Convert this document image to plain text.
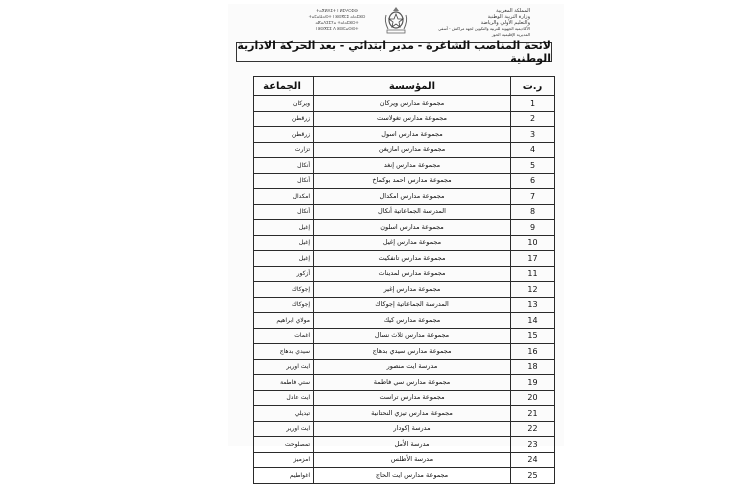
ⵜⴰⴳⵍⴷⵉⵜ ⵏ ⵍⵎⵖⵔⵉⴱ
ⵜⴰⵎⴰⵡⴰⵙⵜ ⵏ ⵓⵙⴳⵎⵉ ⴰⵏⴰⵎⵓⵔ
ⴰⴽⴰⴷⵉⵎⵢⴰ ⵜⴰⵏⴰⵎⵓⵔⵜ
ⵏ ⵓⵙⴳⵎⵉ ⴷ ⵓⵙⵎⴰⵙⵙⵜ
المملكة المغربية
وزارة التربية الوطنية
والتعليم الأولي والرياضة
الأكاديمية الجهوية للتربية والتكوين لجهة مراكش - آسفي
المديرية الإقليمية الحوز
لائحة المناصب الشاغرة - مدير ابتدائي - بعد الحركة الادارية الوطنية
ر.ت	المؤسسة	الجماعة
1	مجموعة مدارس ويركان	ويركان
2	مجموعة مدارس تغولاست	زرقطن
3	مجموعة مدارس اسول	زرقطن
4	مجموعة مدارس امازيغن	تزارت
5	مجموعة مدارس إنغد	أنكال
6	مجموعة مدارس احمد بوكماخ	أنكال
7	مجموعة مدارس امكدال	امكدال
8	المدرسة الجماعاتية أنكال	أنكال
9	مجموعة مدارس اسلون	إغيل
10	مجموعة مدارس إغيل	إغيل
17	مجموعة مدارس تانفكيت	إغيل
11	مجموعة مدارس لمدينات	أزكور
12	مجموعة مدارس إغير	إجوكاك
13	المدرسة الجماعاتية إجوكاك	إجوكاك
14	مجموعة مدارس كيك	مولاي ابراهيم
15	مجموعة مدارس ثلاث نسال	اغمات
16	مجموعة مدارس سيدي بدهاج	سيدي بدهاج
18	مدرسة ايت منصور	ايت اورير
19	مجموعة مدارس سي فاطمة	ستي فاطمة
20	مجموعة مدارس تراست	ايت عادل
21	مجموعة مدارس تيزي النحتانية	تيديلي
22	مدرسة إكودار	ايت اورير
23	مدرسة الأمل	تمصلوحت
24	مدرسة الأطلس	امزميز
25	مجموعة مدارس ايت الحاج	اغواطيم
